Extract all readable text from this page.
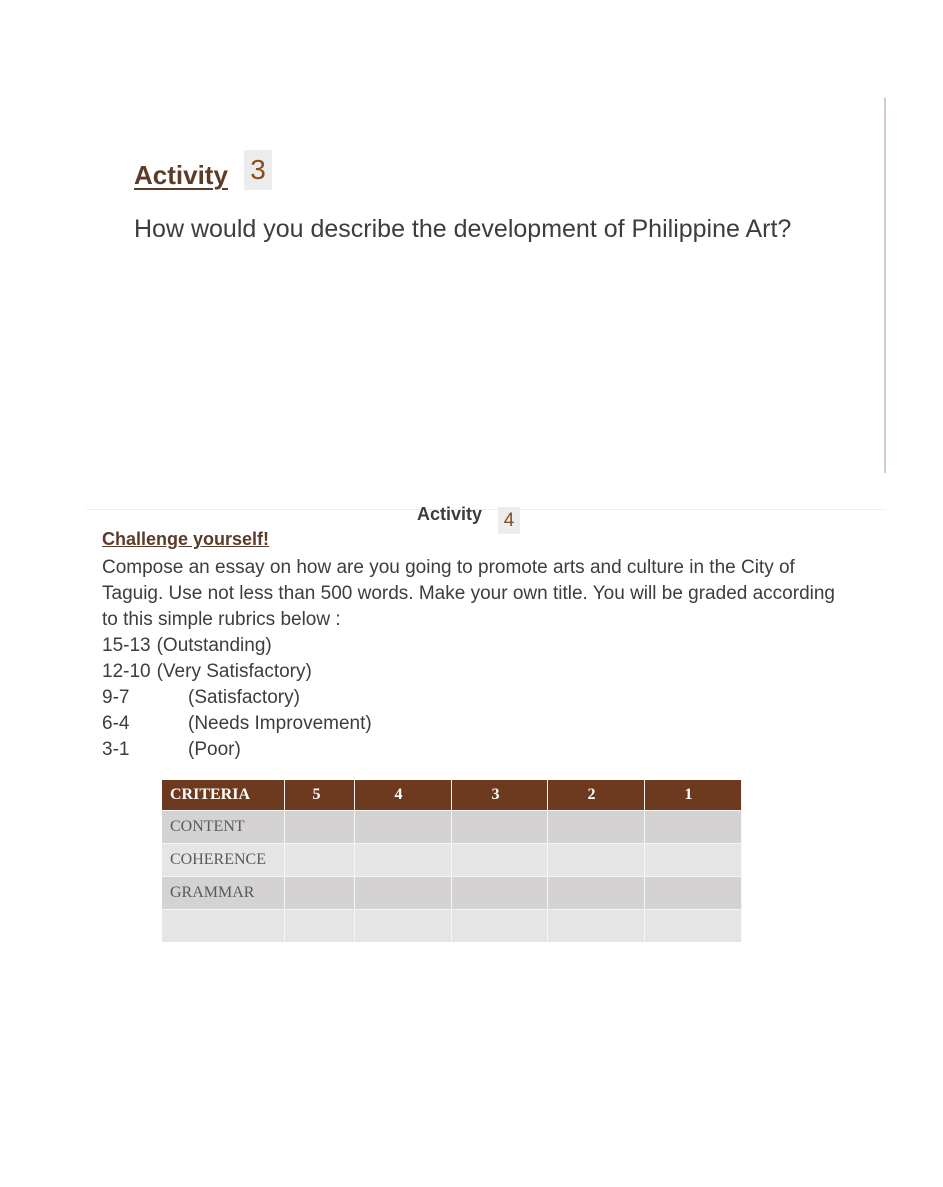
Activity 3

How would you describe the development of Philippine Art?

Activity	4
Challenge yourself!

Compose an essay on how are you going to promote arts and culture in the City of Taguig. Use not less than 500 words. Make your own title. You will be graded according to this simple rubrics below :

15-13 (Outstanding)
12-10 (Very Satisfactory)
9-7	(Satisfactory)
6-4	(Needs Improvement)
3-1	(Poor)
CRITERIA	5	4	3	2	1
CONTENT					
COHERENCE					
GRAMMAR					
